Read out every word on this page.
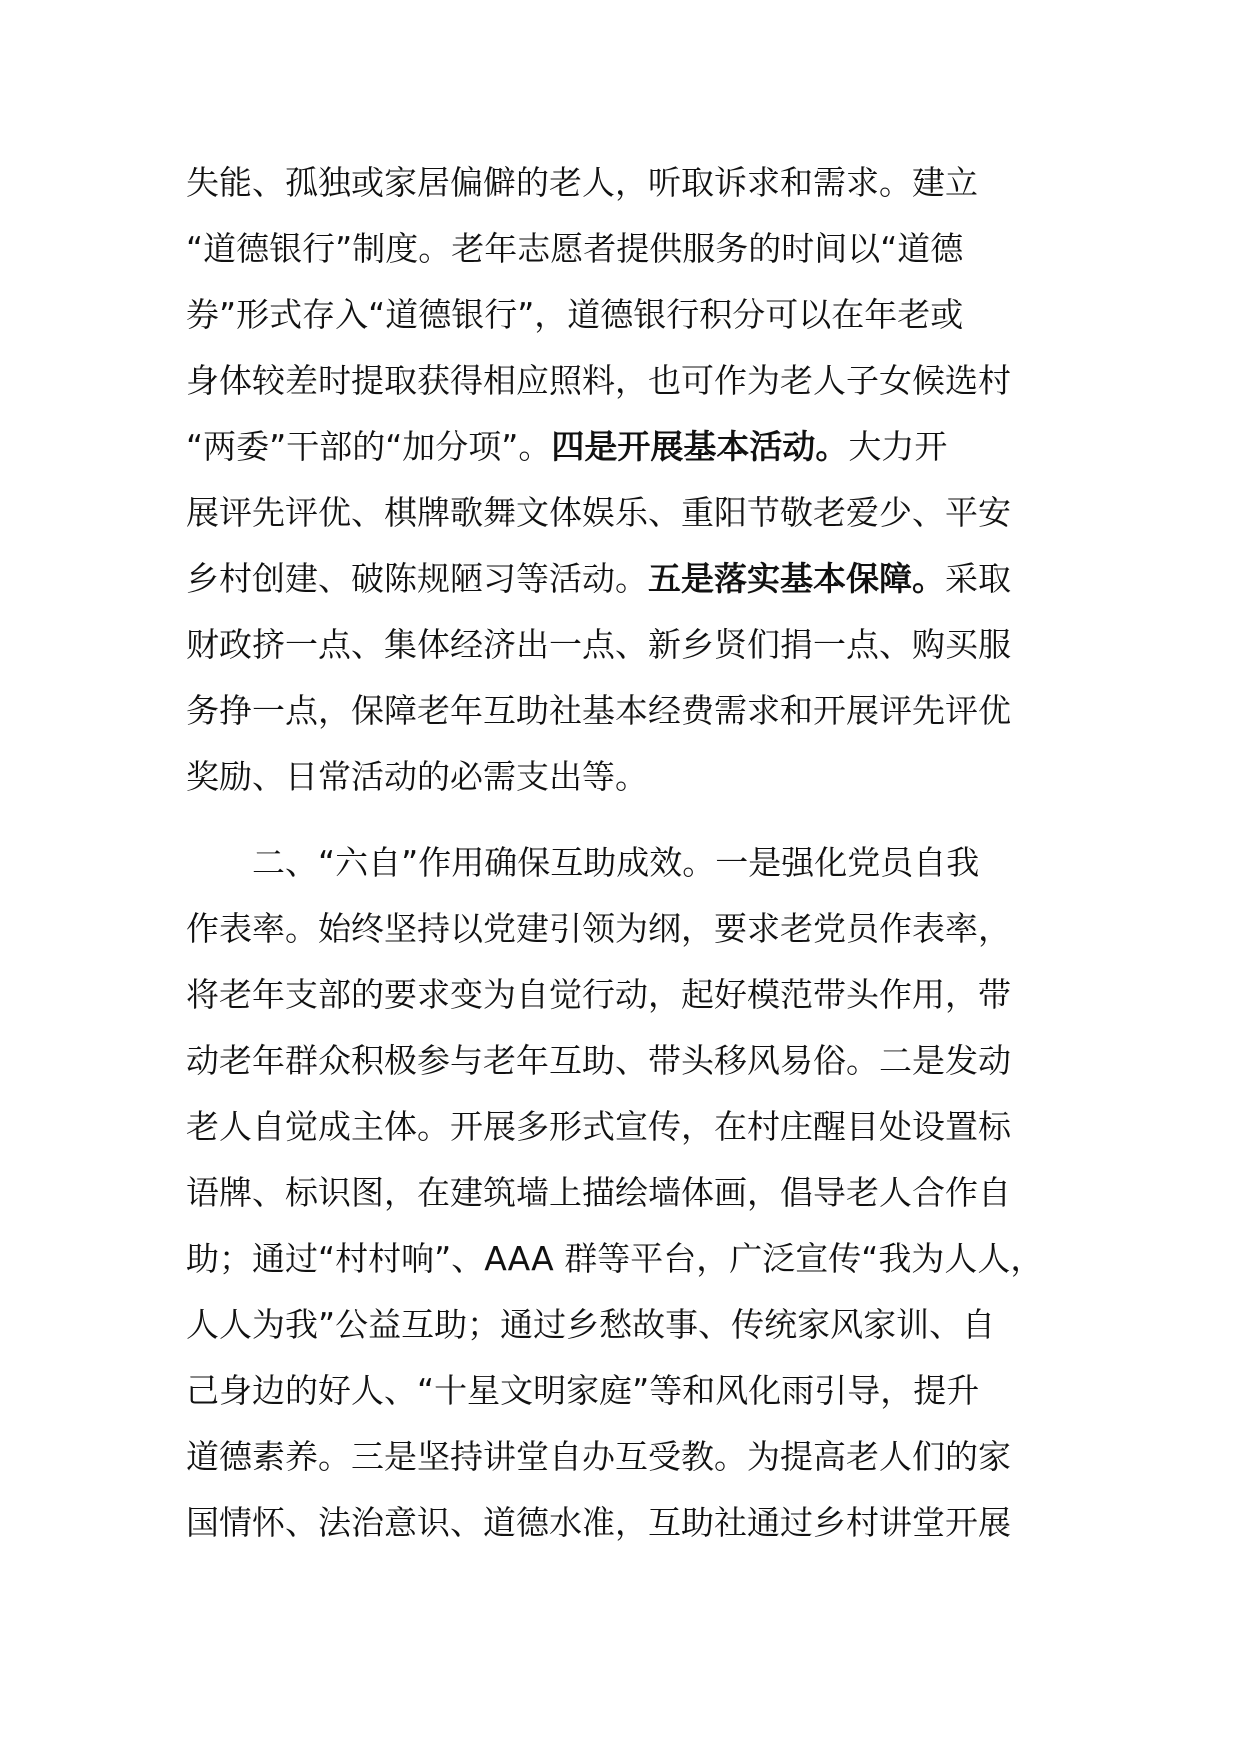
失能、孤独或家居偏僻的老人，听取诉求和需求。建立
“道德银行”制度。老年志愿者提供服务的时间以“道德
券”形式存入“道德银行”，道德银行积分可以在年老或
身体较差时提取获得相应照料，也可作为老人子女候选村
“两委”干部的“加分项”。四是开展基本活动。大力开
展评先评优、棋牌歌舞文体娱乐、重阳节敬老爱少、平安
乡村创建、破陈规陋习等活动。五是落实基本保障。采取
财政挤一点、集体经济出一点、新乡贤们捐一点、购买服
务挣一点，保障老年互助社基本经费需求和开展评先评优
奖励、日常活动的必需支出等。
二、“六自”作用确保互助成效。一是强化党员自我
作表率。始终坚持以党建引领为纲，要求老党员作表率，
将老年支部的要求变为自觉行动，起好模范带头作用，带
动老年群众积极参与老年互助、带头移风易俗。二是发动
老人自觉成主体。开展多形式宣传，在村庄醒目处设置标
语牌、标识图，在建筑墙上描绘墙体画，倡导老人合作自
助；通过“村村响”、AAA 群等平台，广泛宣传“我为人人，
人人为我”公益互助；通过乡愁故事、传统家风家训、自
己身边的好人、“十星文明家庭”等和风化雨引导，提升
道德素养。三是坚持讲堂自办互受教。为提高老人们的家
国情怀、法治意识、道德水准，互助社通过乡村讲堂开展
